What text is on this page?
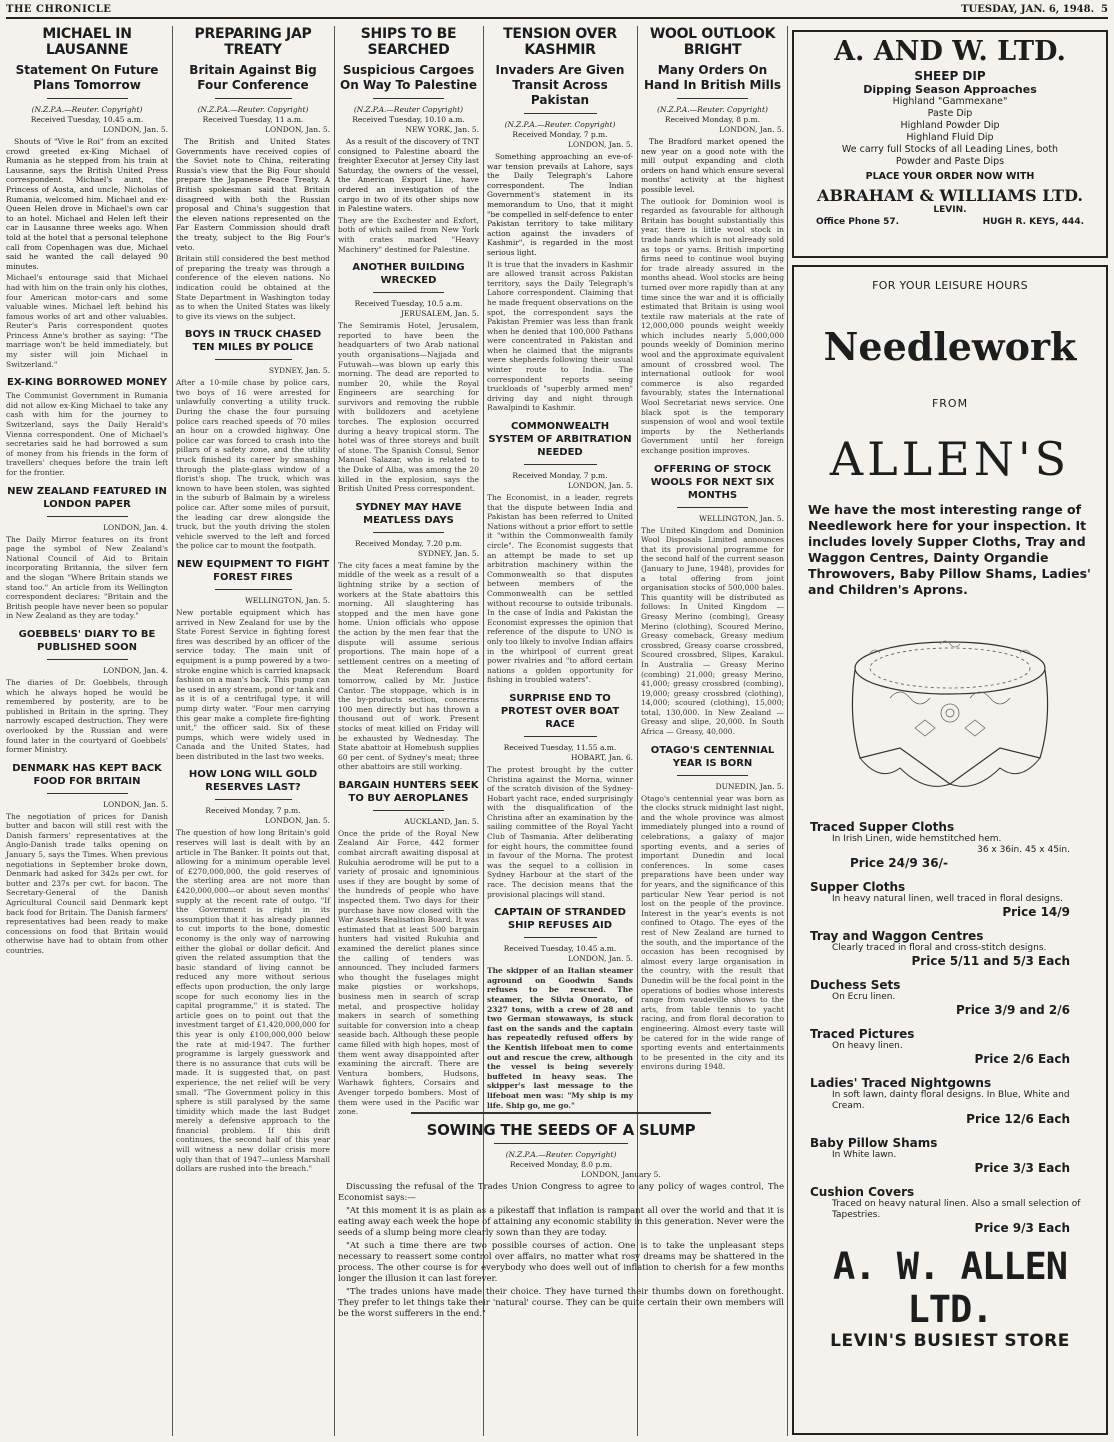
THE CHRONICLE	TUESDAY, JAN. 6, 1948. 5
MICHAEL IN LAUSANNE
Statement On Future Plans Tomorrow
(N.Z.P.A.—Reuter. Copyright)
Received Tuesday, 10.45 a.m.
LONDON, Jan. 5.
Shouts of "Vive le Roi" from an excited crowd greeted ex-King Michael of Rumania as he stepped from his train at Lausanne, says the British United Press correspondent. Michael's aunt, the Princess of Aosta, and uncle, Nicholas of Rumania, welcomed him. Michael and ex-Queen Helen drove in Michael's own car to an hotel. Michael and Helen left their car in Lausanne three weeks ago. When told at the hotel that a personal telephone call from Copenhagen was due, Michael said he wanted the call delayed 90 minutes.
Michael's entourage said that Michael had with him on the train only his clothes, four American motor-cars and some valuable wines. Michael left behind his famous works of art and other valuables. Reuter's Paris correspondent quotes Princess Anne's brother as saying: "The marriage won't be held immediately, but my sister will join Michael in Switzerland."
EX-KING BORROWED MONEY
The Communist Government in Rumania did not allow ex-King Michael to take any cash with him for the journey to Switzerland, says the Daily Herald's Vienna correspondent. One of Michael's secretaries said he had borrowed a sum of money from his friends in the form of travellers' cheques before the train left for the frontier.
NEW ZEALAND FEATURED IN LONDON PAPER
LONDON, Jan. 4.
The Daily Mirror features on its front page the symbol of New Zealand's National Council of Aid to Britain incorporating Britannia, the silver fern and the slogan "Where Britain stands we stand too." An article from its Wellington correspondent declares: "Britain and the British people have never been so popular in New Zealand as they are today."
GOEBBELS' DIARY TO BE PUBLISHED SOON
LONDON, Jan. 4.
The diaries of Dr. Goebbels, through which he always hoped he would be remembered by posterity, are to be published in Britain in the spring. They narrowly escaped destruction. They were overlooked by the Russian and were found later in the courtyard of Goebbels' former Ministry.
DENMARK HAS KEPT BACK FOOD FOR BRITAIN
LONDON, Jan. 5.
The negotiation of prices for Danish butter and bacon will still rest with the Danish farmers' representatives at the Anglo-Danish trade talks opening on January 5, says the Times. When previous negotiations in September broke down, Denmark had asked for 342s per cwt. for butter and 237s per cwt. for bacon. The Secretary-General of the Danish Agricultural Council said Denmark kept back food for Britain. The Danish farmers' representatives had been ready to make concessions on food that Britain would otherwise have had to obtain from other countries.
PREPARING JAP TREATY
Britain Against Big Four Conference
(N.Z.P.A.—Reuter. Copyright)
Received Tuesday, 11 a.m.
LONDON, Jan. 5.
The British and United States Governments have received copies of the Soviet note to China, reiterating Russia's view that the Big Four should prepare the Japanese Peace Treaty. A British spokesman said that Britain disagreed with both the Russian proposal and China's suggestion that the eleven nations represented on the Far Eastern Commission should draft the treaty, subject to the Big Four's veto.
Britain still considered the best method of preparing the treaty was through a conference of the eleven nations. No indication could be obtained at the State Department in Washington today as to when the United States was likely to give its views on the subject.
BOYS IN TRUCK CHASED TEN MILES BY POLICE
SYDNEY, Jan. 5.
After a 10-mile chase by police cars, two boys of 16 were arrested for unlawfully converting a utility truck. During the chase the four pursuing police cars reached speeds of 70 miles an hour on a crowded highway. One police car was forced to crash into the pillars of a safety zone, and the utility truck finished its career by smashing through the plate-glass window of a florist's shop. The truck, which was known to have been stolen, was sighted in the suburb of Balmain by a wireless police car. After some miles of pursuit, the leading car drew alongside the truck, but the youth driving the stolen vehicle swerved to the left and forced the police car to mount the footpath.
NEW EQUIPMENT TO FIGHT FOREST FIRES
WELLINGTON, Jan. 5.
New portable equipment which has arrived in New Zealand for use by the State Forest Service in fighting forest fires was described by an officer of the service today. The main unit of equipment is a pump powered by a two-stroke engine which is carried knapsack fashion on a man's back. This pump can be used in any stream, pond or tank and as it is of a centrifugal type, it will pump dirty water. "Four men carrying this gear make a complete fire-fighting unit," the officer said. Six of these pumps, which were widely used in Canada and the United States, had been distributed in the last two weeks.
HOW LONG WILL GOLD RESERVES LAST?
Received Monday, 7 p.m.
LONDON, Jan. 5.
The question of how long Britain's gold reserves will last is dealt with by an article in The Banker. It points out that, allowing for a minimum operable level of £270,000,000, the gold reserves of the sterling area are not more than £420,000,000—or about seven months' supply at the recent rate of outgo. "If the Government is right in its assumption that it has already planned to cut imports to the bone, domestic economy is the only way of narrowing either the global or dollar deficit. And given the related assumption that the basic standard of living cannot be reduced any more without serious effects upon production, the only large scope for such economy lies in the capital programme," it is stated. The article goes on to point out that the investment target of £1,420,000,000 for this year is only £100,000,000 below the rate at mid-1947. The further programme is largely guesswork and there is no assurance that cuts will be made. It is suggested that, on past experience, the net relief will be very small. "The Government policy in this sphere is still paralysed by the same timidity which made the last Budget merely a defensive approach to the financial problem. If this drift continues, the second half of this year will witness a new dollar crisis more ugly than that of 1947—unless Marshall dollars are rushed into the breach."
SHIPS TO BE SEARCHED
Suspicious Cargoes On Way To Palestine
(N.Z.P.A.—Reuter Copyright)
Received Tuesday, 10.10 a.m.
NEW YORK, Jan. 5.
As a result of the discovery of TNT consigned to Palestine aboard the freighter Executor at Jersey City last Saturday, the owners of the vessel, the American Export Line, have ordered an investigation of the cargo in two of its other ships now in Palestine waters.
They are the Exchester and Exfort, both of which sailed from New York with crates marked "Heavy Machinery" destined for Palestine.
ANOTHER BUILDING WRECKED
Received Tuesday, 10.5 a.m.
JERUSALEM, Jan. 5.
The Semiramis Hotel, Jerusalem, reported to have been the headquarters of two Arab national youth organisations—Najjada and Futuwah—was blown up early this morning. The dead are reported to number 20, while the Royal Engineers are searching for survivors and removing the rubble with bulldozers and acetylene torches. The explosion occurred during a heavy tropical storm. The hotel was of three storeys and built of stone. The Spanish Consul, Senor Manuel Salazar, who is related to the Duke of Alba, was among the 20 killed in the explosion, says the British United Press correspondent.
SYDNEY MAY HAVE MEATLESS DAYS
Received Monday, 7.20 p.m.
SYDNEY, Jan. 5.
The city faces a meat famine by the middle of the week as a result of a lightning strike by a section of workers at the State abattoirs this morning. All slaughtering has stopped and the men have gone home. Union officials who oppose the action by the men fear that the dispute will assume serious proportions. The main hope of a settlement centres on a meeting of the Meat Referendum Board tomorrow, called by Mr. Justice Cantor. The stoppage, which is in the by-products section, concerns 100 men directly but has thrown a thousand out of work. Present stocks of meat killed on Friday will be exhausted by Wednesday. The State abattoir at Homebush supplies 60 per cent. of Sydney's meat; three other abattoirs are still working.
BARGAIN HUNTERS SEEK TO BUY AEROPLANES
AUCKLAND, Jan. 5.
Once the pride of the Royal New Zealand Air Force, 442 former combat aircraft awaiting disposal at Rukuhia aerodrome will be put to a variety of prosaic and ignominious uses if they are bought by some of the hundreds of people who have inspected them. Two days for their purchase have now closed with the War Assets Realisation Board. It was estimated that at least 500 bargain hunters had visited Rukuhia and examined the derelict planes since the calling of tenders was announced. They included farmers who thought the fuselages might make pigsties or workshops, business men in search of scrap metal, and prospective holiday makers in search of something suitable for conversion into a cheap seaside bach. Although these people came filled with high hopes, most of them went away disappointed after examining the aircraft. There are Ventura bombers, Hudsons, Warhawk fighters, Corsairs and Avenger torpedo bombers. Most of them were used in the Pacific war zone.
TENSION OVER KASHMIR
Invaders Are Given Transit Across Pakistan
(N.Z.P.A.—Reuter. Copyright)
Received Monday, 7 p.m.
LONDON, Jan. 5.
Something approaching an eve-of-war tension prevails at Lahore, says the Daily Telegraph's Lahore correspondent. The Indian Government's statement in its memorandum to Uno, that it might "be compelled in self-defence to enter Pakistan territory to take military action against the invaders of Kashmir", is regarded in the most serious light.
It is true that the invaders in Kashmir are allowed transit across Pakistan territory, says the Daily Telegraph's Lahore correspondent. Claiming that he made frequent observations on the spot, the correspondent says the Pakistan Premier was less than frank when he denied that 100,000 Pathans were concentrated in Pakistan and when he claimed that the migrants were shepherds following their usual winter route to India. The correspondent reports seeing truckloads of "superbly armed men" driving day and night through Rawalpindi to Kashmir.
COMMONWEALTH SYSTEM OF ARBITRATION NEEDED
Received Monday, 7 p.m.
LONDON, Jan. 5.
The Economist, in a leader, regrets that the dispute between India and Pakistan has been referred to United Nations without a prior effort to settle it "within the Commonwealth family circle". The Economist suggests that an attempt be made to set up arbitration machinery within the Commonwealth so that disputes between members of the Commonwealth can be settled without recourse to outside tribunals. In the case of India and Pakistan the Economist expresses the opinion that reference of the dispute to UNO is only too likely to involve Indian affairs in the whirlpool of current great power rivalries and "to afford certain nations a golden opportunity for fishing in troubled waters".
SURPRISE END TO PROTEST OVER BOAT RACE
Received Tuesday, 11.55 a.m.
HOBART, Jan. 6.
The protest brought by the cutter Christina against the Morna, winner of the scratch division of the Sydney-Hobart yacht race, ended surprisingly with the disqualification of the Christina after an examination by the sailing committee of the Royal Yacht Club of Tasmania. After deliberating for eight hours, the committee found in favour of the Morna. The protest was the sequel to a collision in Sydney Harbour at the start of the race. The decision means that the provisional placings will stand.
CAPTAIN OF STRANDED SHIP REFUSES AID
Received Tuesday, 10.45 a.m.
LONDON, Jan. 5.
The skipper of an Italian steamer aground on Goodwin Sands refuses to be rescued. The steamer, the Silvia Onorato, of 2327 tons, with a crew of 28 and two German stowaways, is stuck fast on the sands and the captain has repeatedly refused offers by the Kentish lifeboat men to come out and rescue the crew, although the vessel is being severely buffeted in heavy seas. The skipper's last message to the lifeboat men was: "My ship is my life. Ship go, me go."
WOOL OUTLOOK BRIGHT
Many Orders On Hand In British Mills
(N.Z.P.A.—Reuter. Copyright)
Received Monday, 8 p.m.
LONDON, Jan. 5.
The Bradford market opened the new year on a good note with the mill output expanding and cloth orders on hand which ensure several months' activity at the highest possible level.
The outlook for Dominion wool is regarded as favourable for although Britain has bought substantially this year, there is little wool stock in trade hands which is not already sold as tops or yarns. British importing firms need to continue wool buying for trade already assured in the months ahead. Wool stocks are being turned over more rapidly than at any time since the war and it is officially estimated that Britain is using wool textile raw materials at the rate of 12,000,000 pounds weight weekly which includes nearly 5,000,000 pounds weekly of Dominion merino wool and the approximate equivalent amount of crossbred wool. The international outlook for wool commerce is also regarded favourably, states the International Wool Secretariat news service. One black spot is the temporary suspension of wool and wool textile imports by the Netherlands Government until her foreign exchange position improves.
OFFERING OF STOCK WOOLS FOR NEXT SIX MONTHS
WELLINGTON, Jan. 5.
The United Kingdom and Dominion Wool Disposals Limited announces that its provisional programme for the second half of the current season (January to June, 1948), provides for a total offering from joint organisation stocks of 500,000 bales. This quantity will be distributed as follows: In United Kingdom — Greasy Merino (combing), Greasy Merino (clothing), Scoured Merino, Greasy comeback, Greasy medium crossbred, Greasy coarse crossbred, Scoured crossbred, Slipes, Karakul. In Australia — Greasy Merino (combing) 21,000; greasy Merino, 41,000; greasy crossbred (combing), 19,000; greasy crossbred (clothing), 14,000; scoured (clothing), 15,000; total, 130,000. In New Zealand — Greasy and slipe, 20,000. In South Africa — Greasy, 40,000.
OTAGO'S CENTENNIAL YEAR IS BORN
DUNEDIN, Jan. 5.
Otago's centennial year was born as the clocks struck midnight last night, and the whole province was almost immediately plunged into a round of celebrations, a galaxy of major sporting events, and a series of important Dunedin and local conferences. In some cases preparations have been under way for years, and the significance of this particular New Year period is not lost on the people of the province. Interest in the year's events is not confined to Otago. The eyes of the rest of New Zealand are turned to the south, and the importance of the occasion has been recognised by almost every large organisation in the country, with the result that Dunedin will be the focal point in the operations of bodies whose interests range from vaudeville shows to the arts, from table tennis to yacht racing, and from floral decoration to engineering. Almost every taste will be catered for in the wide range of sporting events and entertainments to be presented in the city and its environs during 1948.
SOWING THE SEEDS OF A SLUMP
(N.Z.P.A.—Reuter. Copyright)
Received Monday, 8.0 p.m.
LONDON, January 5.
Discussing the refusal of the Trades Union Congress to agree to any policy of wages control, The Economist says:—
"At this moment it is as plain as a pikestaff that inflation is rampant all over the world and that it is eating away each week the hope of attaining any economic stability in this generation. Never were the seeds of a slump being more clearly sown than they are today.
"At such a time there are two possible courses of action. One is to take the unpleasant steps necessary to reassert some control over affairs, no matter what rosy dreams may be shattered in the process. The other course is for everybody who does well out of inflation to cherish for a few months longer the illusion it can last forever.
"The trades unions have made their choice. They have turned their thumbs down on forethought. They prefer to let things take their 'natural' course. They can be quite certain their own members will be the worst sufferers in the end."
A. AND W. LTD.
SHEEP DIP
Dipping Season Approaches
Highland "Gammexane"
Paste Dip
Highland Powder Dip
Highland Fluid Dip
We carry full Stocks of all Leading Lines, both
Powder and Paste Dips
PLACE YOUR ORDER NOW WITH
ABRAHAM & WILLIAMS LTD.
LEVIN.
Office Phone 57.	HUGH R. KEYS, 444.
FOR YOUR LEISURE HOURS
Needlework
FROM
ALLEN'S
We have the most interesting range of Needlework here for your inspection. It includes lovely Supper Cloths, Tray and Waggon Centres, Dainty Organdie Throwovers, Baby Pillow Shams, Ladies' and Children's Aprons.
Traced Supper Cloths
In Irish Linen, wide hemstitched hem.
36 x 36in. 45 x 45in.
Price 24/9 36/-
Supper Cloths
In heavy natural linen, well traced in floral designs.
Price 14/9
Tray and Waggon Centres
Clearly traced in floral and cross-stitch designs.
Price 5/11 and 5/3 Each
Duchess Sets
On Ecru linen.
Price 3/9 and 2/6
Traced Pictures
On heavy linen.
Price 2/6 Each
Ladies' Traced Nightgowns
In soft lawn, dainty floral designs. In Blue, White and Cream.
Price 12/6 Each
Baby Pillow Shams
In White lawn.
Price 3/3 Each
Cushion Covers
Traced on heavy natural linen. Also a small selection of Tapestries.
Price 9/3 Each
A. W. ALLEN LTD.
LEVIN'S BUSIEST STORE
